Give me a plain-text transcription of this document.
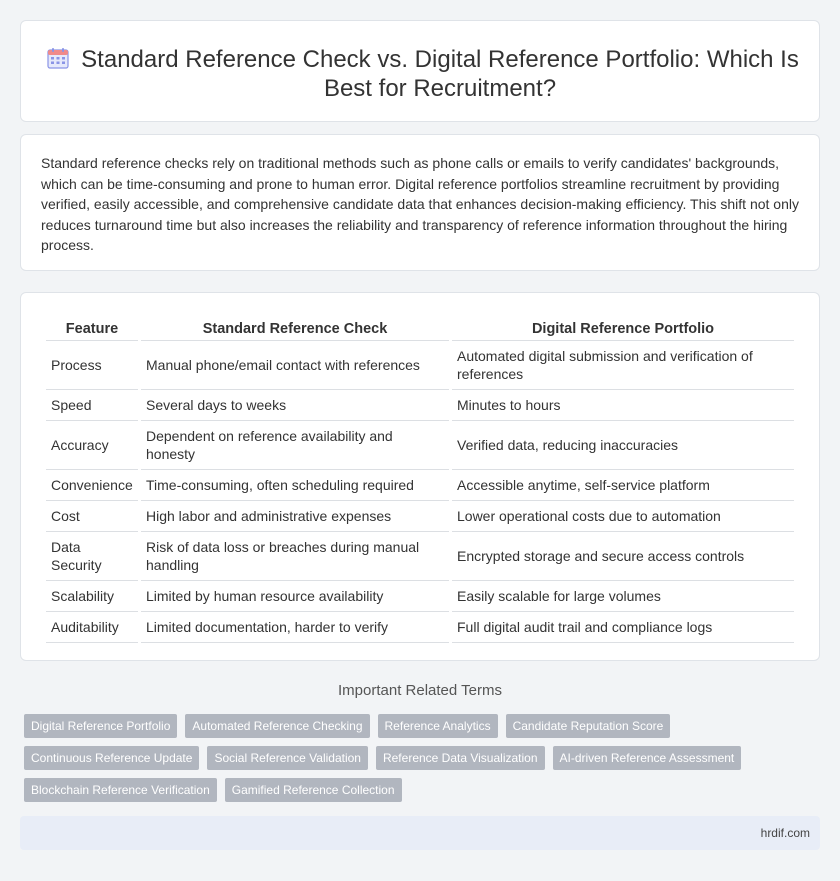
Standard Reference Check vs. Digital Reference Portfolio: Which Is Best for Recruitment?

Standard reference checks rely on traditional methods such as phone calls or emails to verify candidates' backgrounds, which can be time-consuming and prone to human error. Digital reference portfolios streamline recruitment by providing verified, easily accessible, and comprehensive candidate data that enhances decision-making efficiency. This shift not only reduces turnaround time but also increases the reliability and transparency of reference information throughout the hiring process.

Feature	Standard Reference Check	Digital Reference Portfolio
Process	Manual phone/email contact with references	Automated digital submission and verification of references
Speed	Several days to weeks	Minutes to hours
Accuracy	Dependent on reference availability and honesty	Verified data, reducing inaccuracies
Convenience	Time-consuming, often scheduling required	Accessible anytime, self-service platform
Cost	High labor and administrative expenses	Lower operational costs due to automation
Data Security	Risk of data loss or breaches during manual handling	Encrypted storage and secure access controls
Scalability	Limited by human resource availability	Easily scalable for large volumes
Auditability	Limited documentation, harder to verify	Full digital audit trail and compliance logs
Important Related Terms
Digital Reference Portfolio	Automated Reference Checking	Reference Analytics	Candidate Reputation Score
Continuous Reference Update	Social Reference Validation	Reference Data Visualization	AI-driven Reference Assessment
Blockchain Reference Verification	Gamified Reference Collection
hrdif.com
